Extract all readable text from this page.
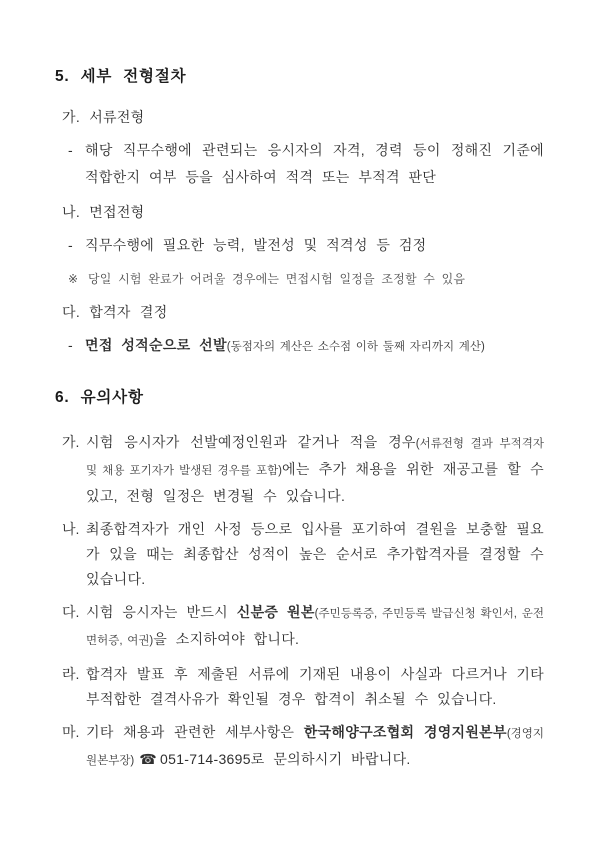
5. 세부 전형절차
가. 서류전형
- 해당 직무수행에 관련되는 응시자의 자격, 경력 등이 정해진 기준에 적합한지 여부 등을 심사하여 적격 또는 부적격 판단

나. 면접전형
- 직무수행에 필요한 능력, 발전성 및 적격성 등 검정

※ 당일 시험 완료가 어려울 경우에는 면접시험 일정을 조정할 수 있음

다. 합격자 결정
- 면접 성적순으로 선발(동점자의 계산은 소수점 이하 둘째 자리까지 계산)

6. 유의사항
가. 시험 응시자가 선발예정인원과 같거나 적을 경우(서류전형 결과 부적격자 및 채용 포기자가 발생된 경우를 포함)에는 추가 채용을 위한 재공고를 할 수 있고, 전형 일정은 변경될 수 있습니다.

나. 최종합격자가 개인 사정 등으로 입사를 포기하여 결원을 보충할 필요가 있을 때는 최종합산 성적이 높은 순서로 추가합격자를 결정할 수 있습니다.

다. 시험 응시자는 반드시 신분증 원본(주민등록증, 주민등록 발급신청 확인서, 운전면허증, 여권)을 소지하여야 합니다.

라. 합격자 발표 후 제출된 서류에 기재된 내용이 사실과 다르거나 기타 부적합한 결격사유가 확인될 경우 합격이 취소될 수 있습니다.

마. 기타 채용과 관련한 세부사항은 한국해양구조협회 경영지원본부(경영지원본부장) ☎ 051-714-3695로 문의하시기 바랍니다.
